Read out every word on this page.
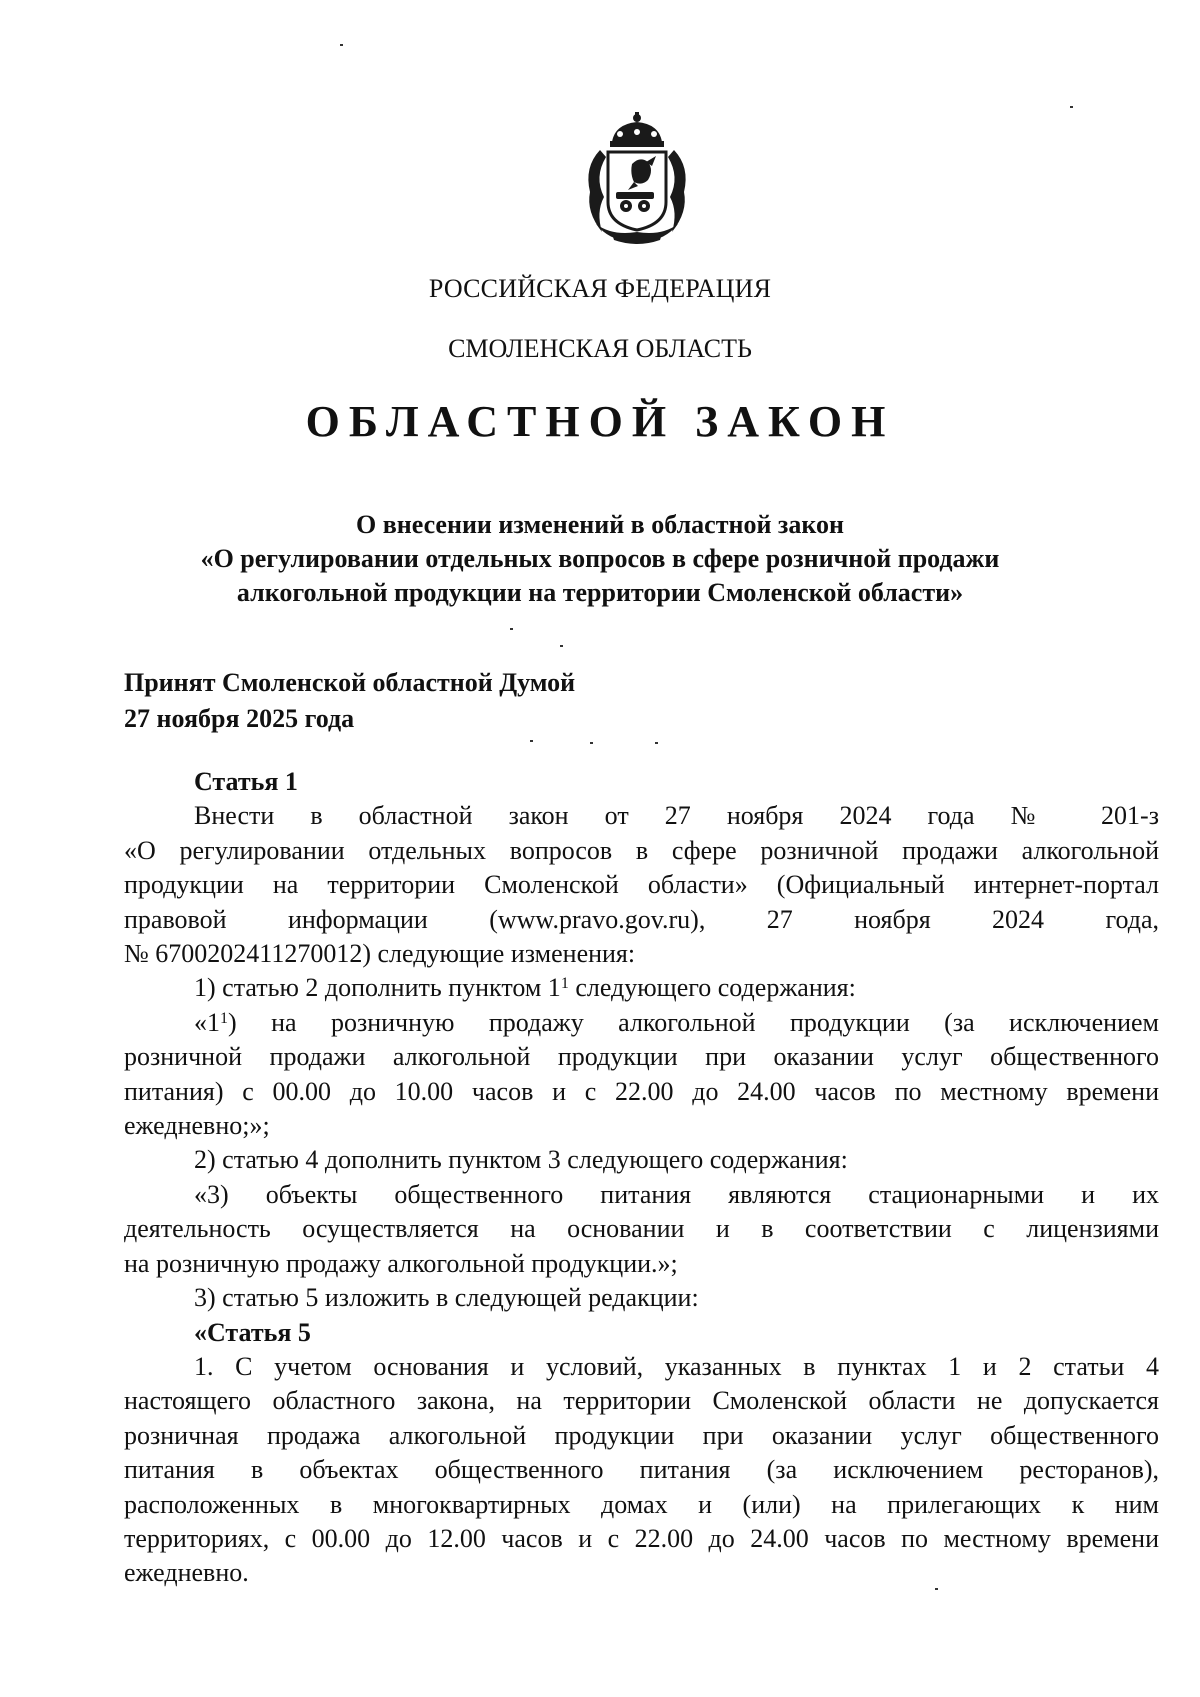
РОССИЙСКАЯ ФЕДЕРАЦИЯ
СМОЛЕНСКАЯ ОБЛАСТЬ
ОБЛАСТНОЙ ЗАКОН
О внесении изменений в областной закон
«О регулировании отдельных вопросов в сфере розничной продажи
алкогольной продукции на территории Смоленской области»
Принят Смоленской областной Думой
27 ноября 2025 года
Статья 1
Внести в областной закон от 27 ноября 2024 года № 201-з
«О регулировании отдельных вопросов в сфере розничной продажи алкогольной
продукции на территории Смоленской области» (Официальный интернет-портал
правовой информации (www.pravo.gov.ru), 27 ноября 2024 года,
№ 6700202411270012) следующие изменения:
1) статью 2 дополнить пунктом $1^1$ следующего содержания:
«$1^1$) на розничную продажу алкогольной продукции (за исключением
розничной продажи алкогольной продукции при оказании услуг общественного
питания) с 00.00 до 10.00 часов и с 22.00 до 24.00 часов по местному времени
ежедневно;»;
2) статью 4 дополнить пунктом 3 следующего содержания:
«3) объекты общественного питания являются стационарными и их
деятельность осуществляется на основании и в соответствии с лицензиями
на розничную продажу алкогольной продукции.»;
3) статью 5 изложить в следующей редакции:
«Статья 5
1. С учетом основания и условий, указанных в пунктах 1 и 2 статьи 4
настоящего областного закона, на территории Смоленской области не допускается
розничная продажа алкогольной продукции при оказании услуг общественного
питания в объектах общественного питания (за исключением ресторанов),
расположенных в многоквартирных домах и (или) на прилегающих к ним
территориях, с 00.00 до 12.00 часов и с 22.00 до 24.00 часов по местному времени
ежедневно.
